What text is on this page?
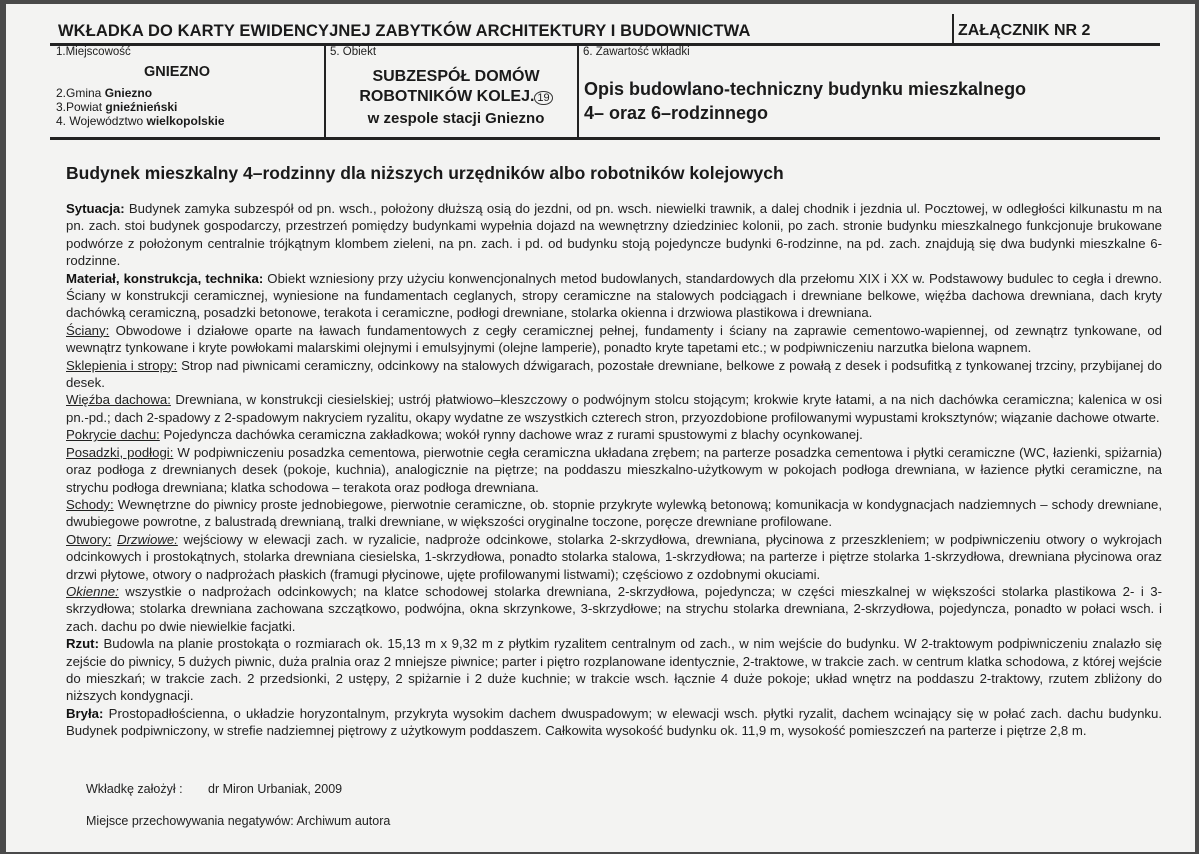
WKŁADKA DO KARTY EWIDENCYJNEJ ZABYTKÓW ARCHITEKTURY I BUDOWNICTWA	ZAŁĄCZNIK NR 2
1.Miejscowość
GNIEZNO
2.Gmina Gniezno
3.Powiat gnieźnieński
4. Województwo wielkopolskie
5. Obiekt
SUBZESPÓŁ DOMÓW
ROBOTNIKÓW KOLEJ. 19
w zespole stacji Gniezno
6. Zawartość wkładki
Opis budowlano-techniczny budynku mieszkalnego
4– oraz 6–rodzinnego
Budynek mieszkalny 4–rodzinny dla niższych urzędników albo robotników kolejowych

Sytuacja: Budynek zamyka subzespół od pn. wsch., położony dłuższą osią do jezdni, od pn. wsch. niewielki trawnik, a dalej chodnik i jezdnia ul. Pocztowej, w odległości kilkunastu m na pn. zach. stoi budynek gospodarczy, przestrzeń pomiędzy budynkami wypełnia dojazd na wewnętrzny dziedziniec kolonii, po zach. stronie budynku mieszkalnego funkcjonuje brukowane podwórze z położonym centralnie trójkątnym klombem zieleni, na pn. zach. i pd. od budynku stoją pojedyncze budynki 6-rodzinne, na pd. zach. znajdują się dwa budynki mieszkalne 6-rodzinne.

Materiał, konstrukcja, technika: Obiekt wzniesiony przy użyciu konwencjonalnych metod budowlanych, standardowych dla przełomu XIX i XX w. Podstawowy budulec to cegła i drewno. Ściany w konstrukcji ceramicznej, wyniesione na fundamentach ceglanych, stropy ceramiczne na stalowych podciągach i drewniane belkowe, więźba dachowa drewniana, dach kryty dachówką ceramiczną, posadzki betonowe, terakota i ceramiczne, podłogi drewniane, stolarka okienna i drzwiowa plastikowa i drewniana.

Ściany: Obwodowe i działowe oparte na ławach fundamentowych z cegły ceramicznej pełnej, fundamenty i ściany na zaprawie cementowo-wapiennej, od zewnątrz tynkowane, od wewnątrz tynkowane i kryte powłokami malarskimi olejnymi i emulsyjnymi (olejne lamperie), ponadto kryte tapetami etc.; w podpiwniczeniu narzutka bielona wapnem.

Sklepienia i stropy: Strop nad piwnicami ceramiczny, odcinkowy na stalowych dźwigarach, pozostałe drewniane, belkowe z powałą z desek i podsufitką z tynkowanej trzciny, przybijanej do desek.

Więźba dachowa: Drewniana, w konstrukcji ciesielskiej; ustrój płatwiowo–kleszczowy o podwójnym stolcu stojącym; krokwie kryte łatami, a na nich dachówka ceramiczna; kalenica w osi pn.-pd.; dach 2-spadowy z 2-spadowym nakryciem ryzalitu, okapy wydatne ze wszystkich czterech stron, przyozdobione profilowanymi wypustami kroksztynów; wiązanie dachowe otwarte.

Pokrycie dachu: Pojedyncza dachówka ceramiczna zakładkowa; wokół rynny dachowe wraz z rurami spustowymi z blachy ocynkowanej.

Posadzki, podłogi: W podpiwniczeniu posadzka cementowa, pierwotnie cegła ceramiczna układana zrębem; na parterze posadzka cementowa i płytki ceramiczne (WC, łazienki, spiżarnia) oraz podłoga z drewnianych desek (pokoje, kuchnia), analogicznie na piętrze; na poddaszu mieszkalno-użytkowym w pokojach podłoga drewniana, w łazience płytki ceramiczne, na strychu podłoga drewniana; klatka schodowa – terakota oraz podłoga drewniana.

Schody: Wewnętrzne do piwnicy proste jednobiegowe, pierwotnie ceramiczne, ob. stopnie przykryte wylewką betonową; komunikacja w kondygnacjach nadziemnych – schody drewniane, dwubiegowe powrotne, z balustradą drewnianą, tralki drewniane, w większości oryginalne toczone, poręcze drewniane profilowane.

Otwory: Drzwiowe: wejściowy w elewacji zach. w ryzalicie, nadproże odcinkowe, stolarka 2-skrzydłowa, drewniana, płycinowa z przeszkleniem; w podpiwniczeniu otwory o wykrojach odcinkowych i prostokątnych, stolarka drewniana ciesielska, 1-skrzydłowa, ponadto stolarka stalowa, 1-skrzydłowa; na parterze i piętrze stolarka 1-skrzydłowa, drewniana płycinowa oraz drzwi płytowe, otwory o nadprożach płaskich (framugi płycinowe, ujęte profilowanymi listwami); częściowo z ozdobnymi okuciami.

Okienne: wszystkie o nadprożach odcinkowych; na klatce schodowej stolarka drewniana, 2-skrzydłowa, pojedyncza; w części mieszkalnej w większości stolarka plastikowa 2- i 3-skrzydłowa; stolarka drewniana zachowana szczątkowo, podwójna, okna skrzynkowe, 3-skrzydłowe; na strychu stolarka drewniana, 2-skrzydłowa, pojedyncza, ponadto w połaci wsch. i zach. dachu po dwie niewielkie facjatki.

Rzut: Budowla na planie prostokąta o rozmiarach ok. 15,13 m x 9,32 m z płytkim ryzalitem centralnym od zach., w nim wejście do budynku. W 2-traktowym podpiwniczeniu znalazło się zejście do piwnicy, 5 dużych piwnic, duża pralnia oraz 2 mniejsze piwnice; parter i piętro rozplanowane identycznie, 2-traktowe, w trakcie zach. w centrum klatka schodowa, z której wejście do mieszkań; w trakcie zach. 2 przedsionki, 2 ustępy, 2 spiżarnie i 2 duże kuchnie; w trakcie wsch. łącznie 4 duże pokoje; układ wnętrz na poddaszu 2-traktowy, rzutem zbliżony do niższych kondygnacji.

Bryła: Prostopadłościenna, o układzie horyzontalnym, przykryta wysokim dachem dwuspadowym; w elewacji wsch. płytki ryzalit, dachem wcinający się w połać zach. dachu budynku. Budynek podpiwniczony, w strefie nadziemnej piętrowy z użytkowym poddaszem. Całkowita wysokość budynku ok. 11,9 m, wysokość pomieszczeń na parterze i piętrze 2,8 m.

Wkładkę założył : dr Miron Urbaniak, 2009
Miejsce przechowywania negatywów: Archiwum autora
